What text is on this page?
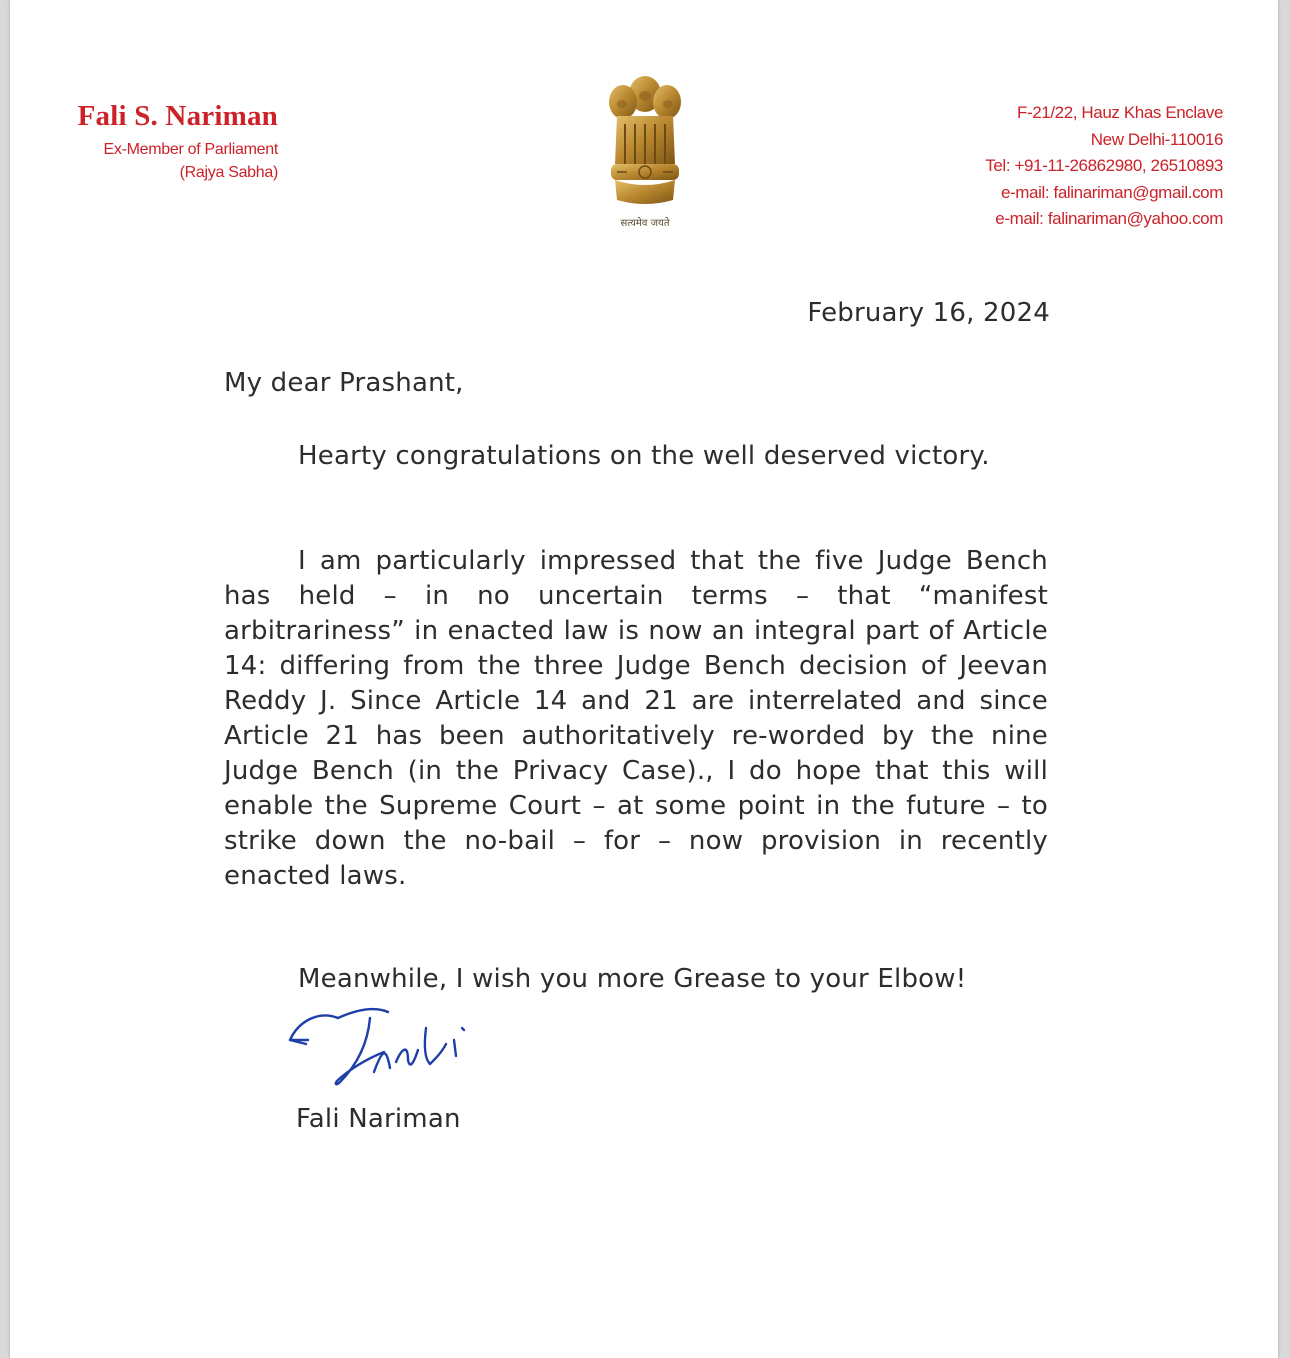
Fali S. Nariman
Ex-Member of Parliament
(Rajya Sabha)
सत्यमेव जयते
F-21/22, Hauz Khas Enclave
New Delhi-110016
Tel: +91-11-26862980, 26510893
e-mail: falinariman@gmail.com
e-mail: falinariman@yahoo.com
February 16, 2024
My dear Prashant,
Hearty congratulations on the well deserved victory.
I am particularly impressed that the five Judge Bench has held – in no uncertain terms – that “manifest arbitrariness” in enacted law is now an integral part of Article 14: differing from the three Judge Bench decision of Jeevan Reddy J. Since Article 14 and 21 are interrelated and since Article 21 has been authoritatively re-worded by the nine Judge Bench (in the Privacy Case)., I do hope that this will enable the Supreme Court – at some point in the future – to strike down the no-bail – for – now provision in recently enacted laws.
Meanwhile, I wish you more Grease to your Elbow!
Fali Nariman
